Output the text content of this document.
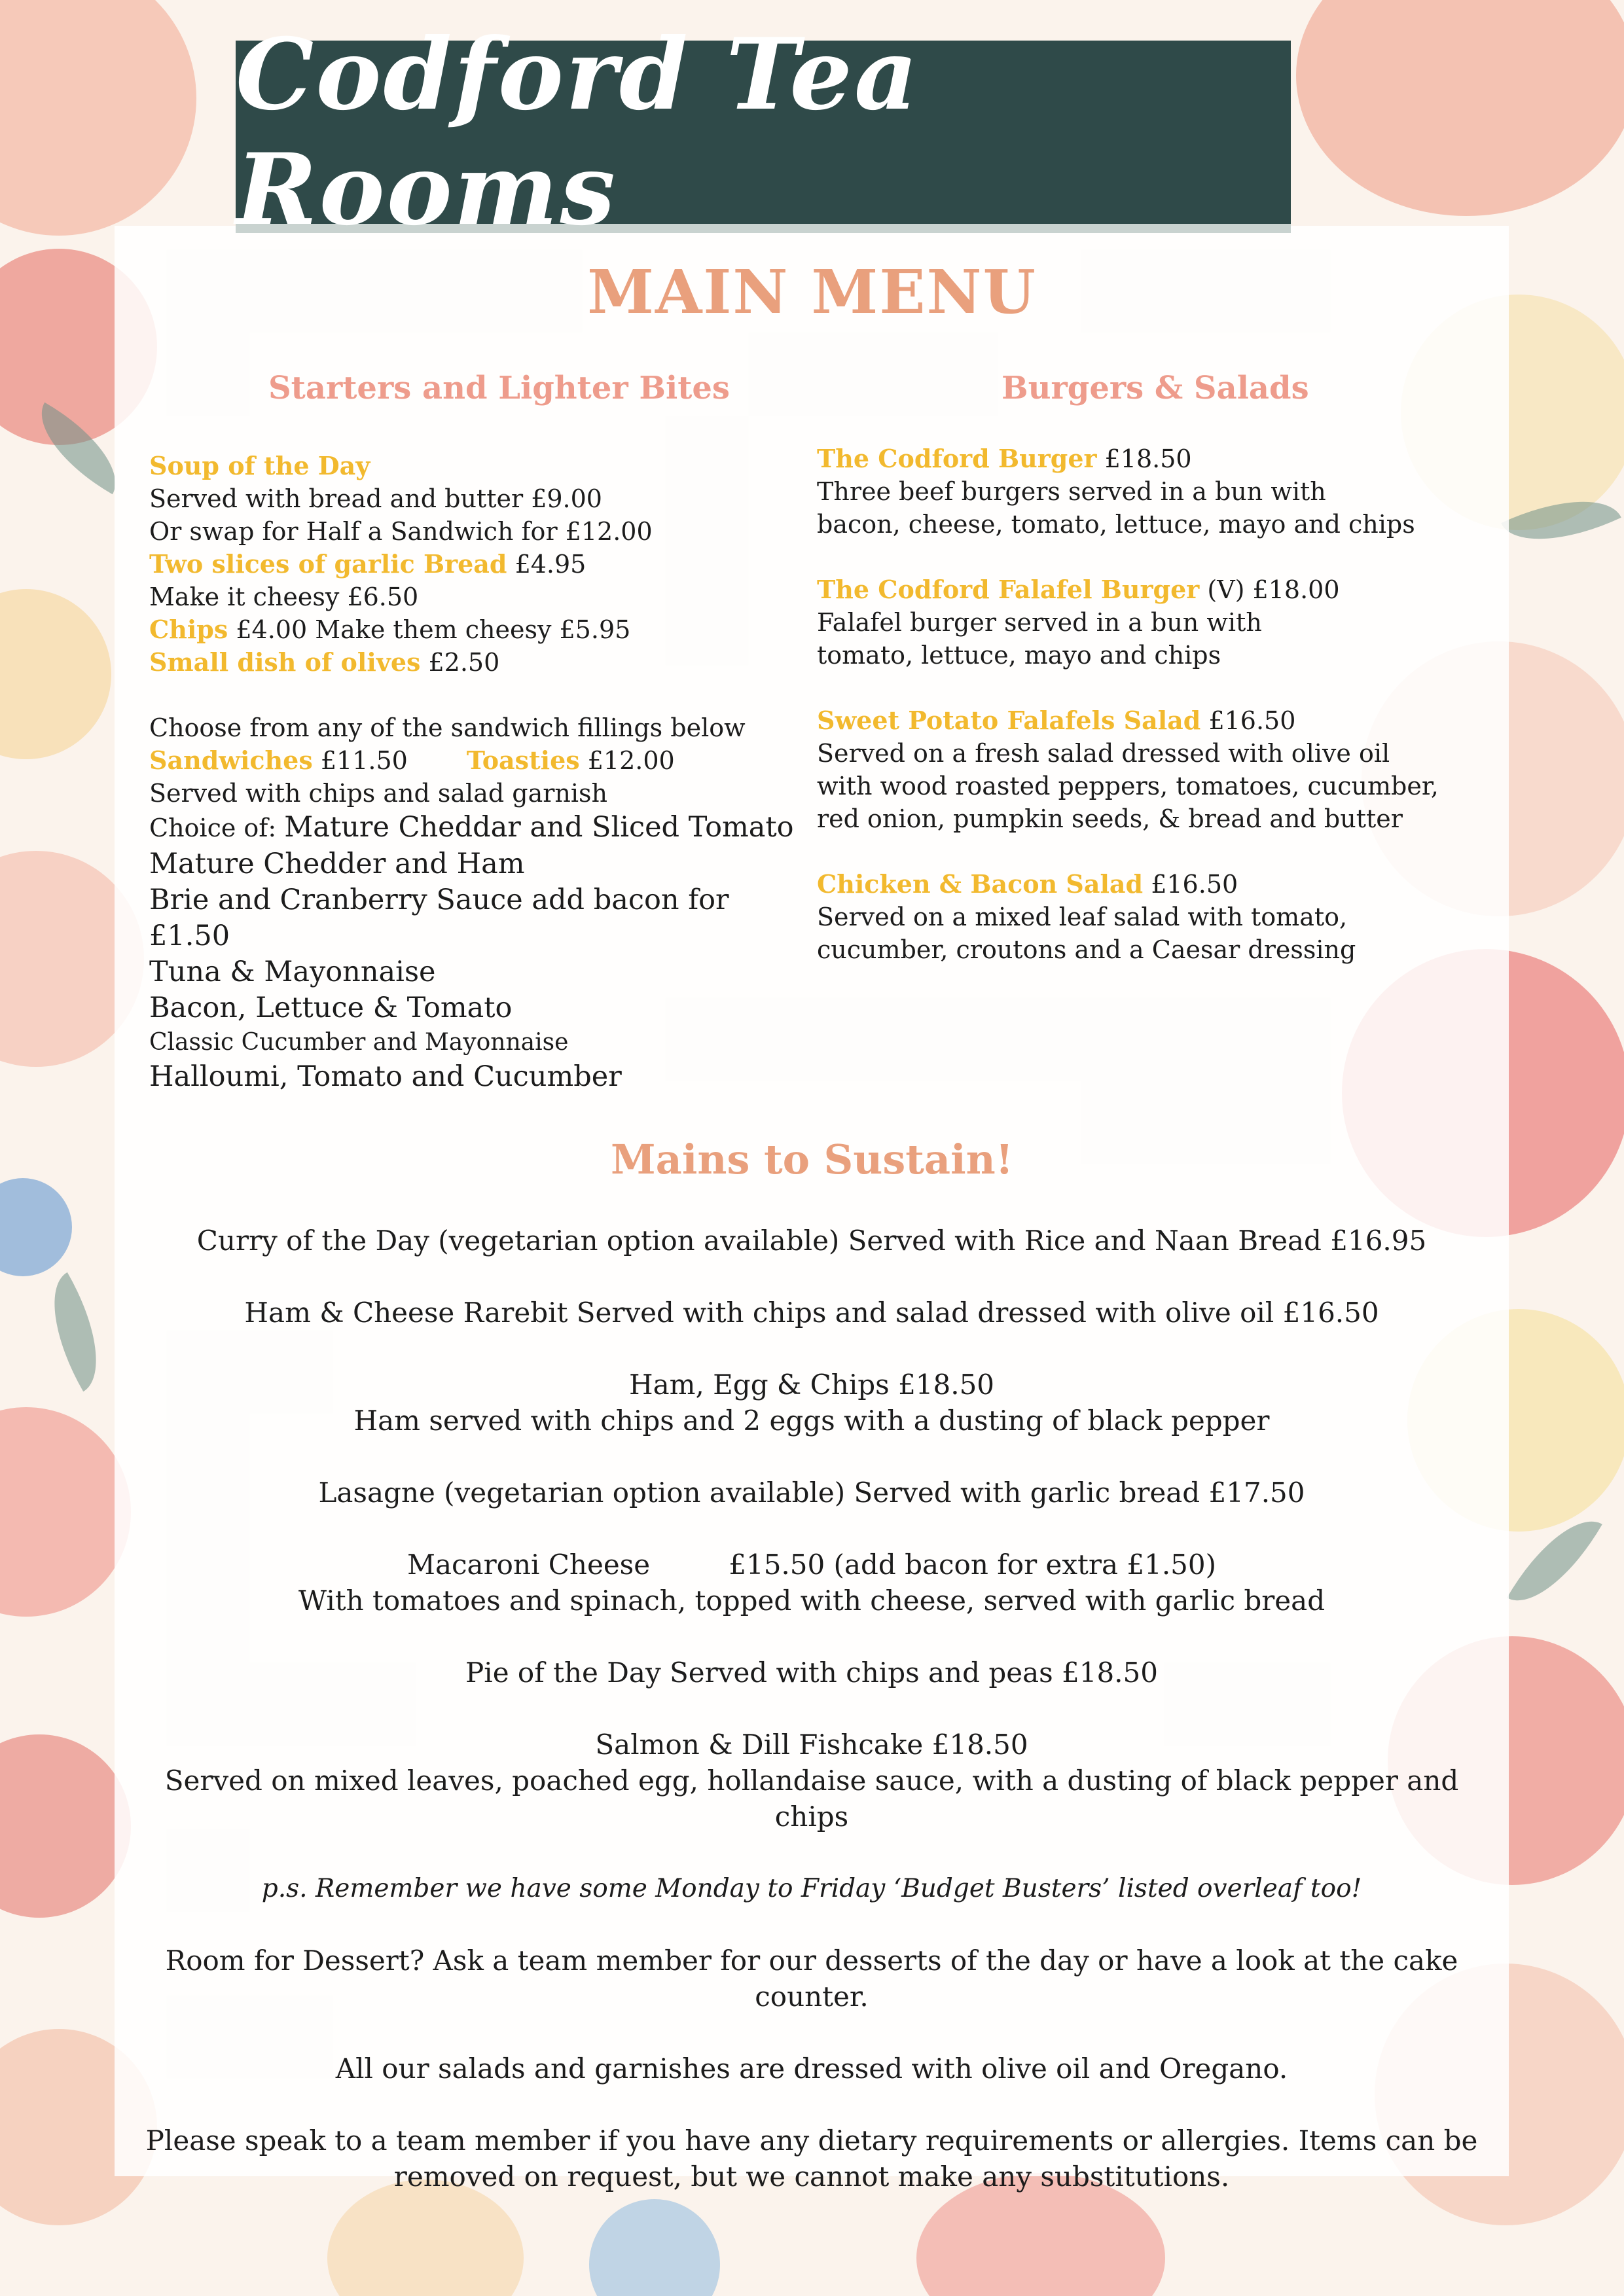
Codford Tea Rooms
MAIN MENU
Starters and Lighter Bites

Soup of the Day

Served with bread and butter £9.00

Or swap for Half a Sandwich for £12.00

Two slices of garlic Bread £4.95

Make it cheesy £6.50

Chips £4.00 Make them cheesy £5.95

Small dish of olives £2.50

Choose from any of the sandwich fillings below

Sandwiches £11.50 Toasties £12.00

Served with chips and salad garnish

Choice of: Mature Cheddar and Sliced Tomato

Mature Chedder and Ham

Brie and Cranberry Sauce add bacon for £1.50

Tuna & Mayonnaise

Bacon, Lettuce & Tomato

Classic Cucumber and Mayonnaise

Halloumi, Tomato and Cucumber

Burgers & Salads

The Codford Burger £18.50

Three beef burgers served in a bun with

bacon, cheese, tomato, lettuce, mayo and chips

The Codford Falafel Burger (V) £18.00

Falafel burger served in a bun with

tomato, lettuce, mayo and chips

Sweet Potato Falafels Salad £16.50

Served on a fresh salad dressed with olive oil

with wood roasted peppers, tomatoes, cucumber,

red onion, pumpkin seeds, & bread and butter

Chicken & Bacon Salad £16.50

Served on a mixed leaf salad with tomato,

cucumber, croutons and a Caesar dressing

Mains to Sustain!

Curry of the Day (vegetarian option available) Served with Rice and Naan Bread £16.95

Ham & Cheese Rarebit Served with chips and salad dressed with olive oil £16.50

Ham, Egg & Chips £18.50

Ham served with chips and 2 eggs with a dusting of black pepper

Lasagne (vegetarian option available) Served with garlic bread £17.50

Macaroni Cheese         £15.50 (add bacon for extra £1.50)

With tomatoes and spinach, topped with cheese, served with garlic bread

Pie of the Day Served with chips and peas £18.50

Salmon & Dill Fishcake £18.50

Served on mixed leaves, poached egg, hollandaise sauce, with a dusting of black pepper and chips

p.s. Remember we have some Monday to Friday ‘Budget Busters’ listed overleaf too!

Room for Dessert? Ask a team member for our desserts of the day or have a look at the cake counter.

All our salads and garnishes are dressed with olive oil and Oregano.

Please speak to a team member if you have any dietary requirements or allergies. Items can be

removed on request, but we cannot make any substitutions.
